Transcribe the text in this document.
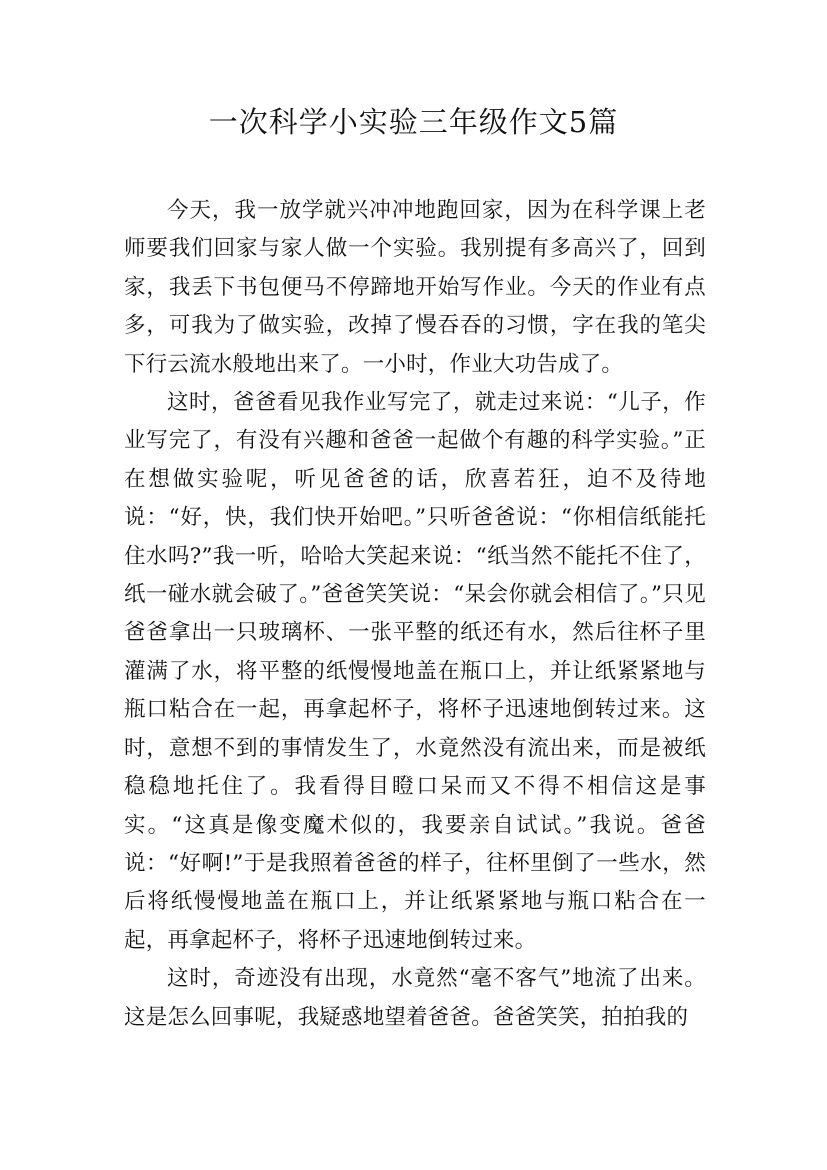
一次科学小实验三年级作文5篇

今天，我一放学就兴冲冲地跑回家，因为在科学课上老师要我们回家与家人做一个实验。我别提有多高兴了，回到家，我丢下书包便马不停蹄地开始写作业。今天的作业有点多，可我为了做实验，改掉了慢吞吞的习惯，字在我的笔尖下行云流水般地出来了。一小时，作业大功告成了。

这时，爸爸看见我作业写完了，就走过来说：“儿子，作业写完了，有没有兴趣和爸爸一起做个有趣的科学实验。”正在想做实验呢，听见爸爸的话，欣喜若狂，迫不及待地说：“好，快，我们快开始吧。”只听爸爸说：“你相信纸能托住水吗?”我一听，哈哈大笑起来说：“纸当然不能托不住了，纸一碰水就会破了。”爸爸笑笑说：“呆会你就会相信了。”只见爸爸拿出一只玻璃杯、一张平整的纸还有水，然后往杯子里灌满了水，将平整的纸慢慢地盖在瓶口上，并让纸紧紧地与瓶口粘合在一起，再拿起杯子，将杯子迅速地倒转过来。这时，意想不到的事情发生了，水竟然没有流出来，而是被纸稳稳地托住了。我看得目瞪口呆而又不得不相信这是事实。“这真是像变魔术似的，我要亲自试试。”我说。爸爸说：“好啊!”于是我照着爸爸的样子，往杯里倒了一些水，然后将纸慢慢地盖在瓶口上，并让纸紧紧地与瓶口粘合在一起，再拿起杯子，将杯子迅速地倒转过来。

这时，奇迹没有出现，水竟然“毫不客气”地流了出来。这是怎么回事呢，我疑惑地望着爸爸。爸爸笑笑，拍拍我的
